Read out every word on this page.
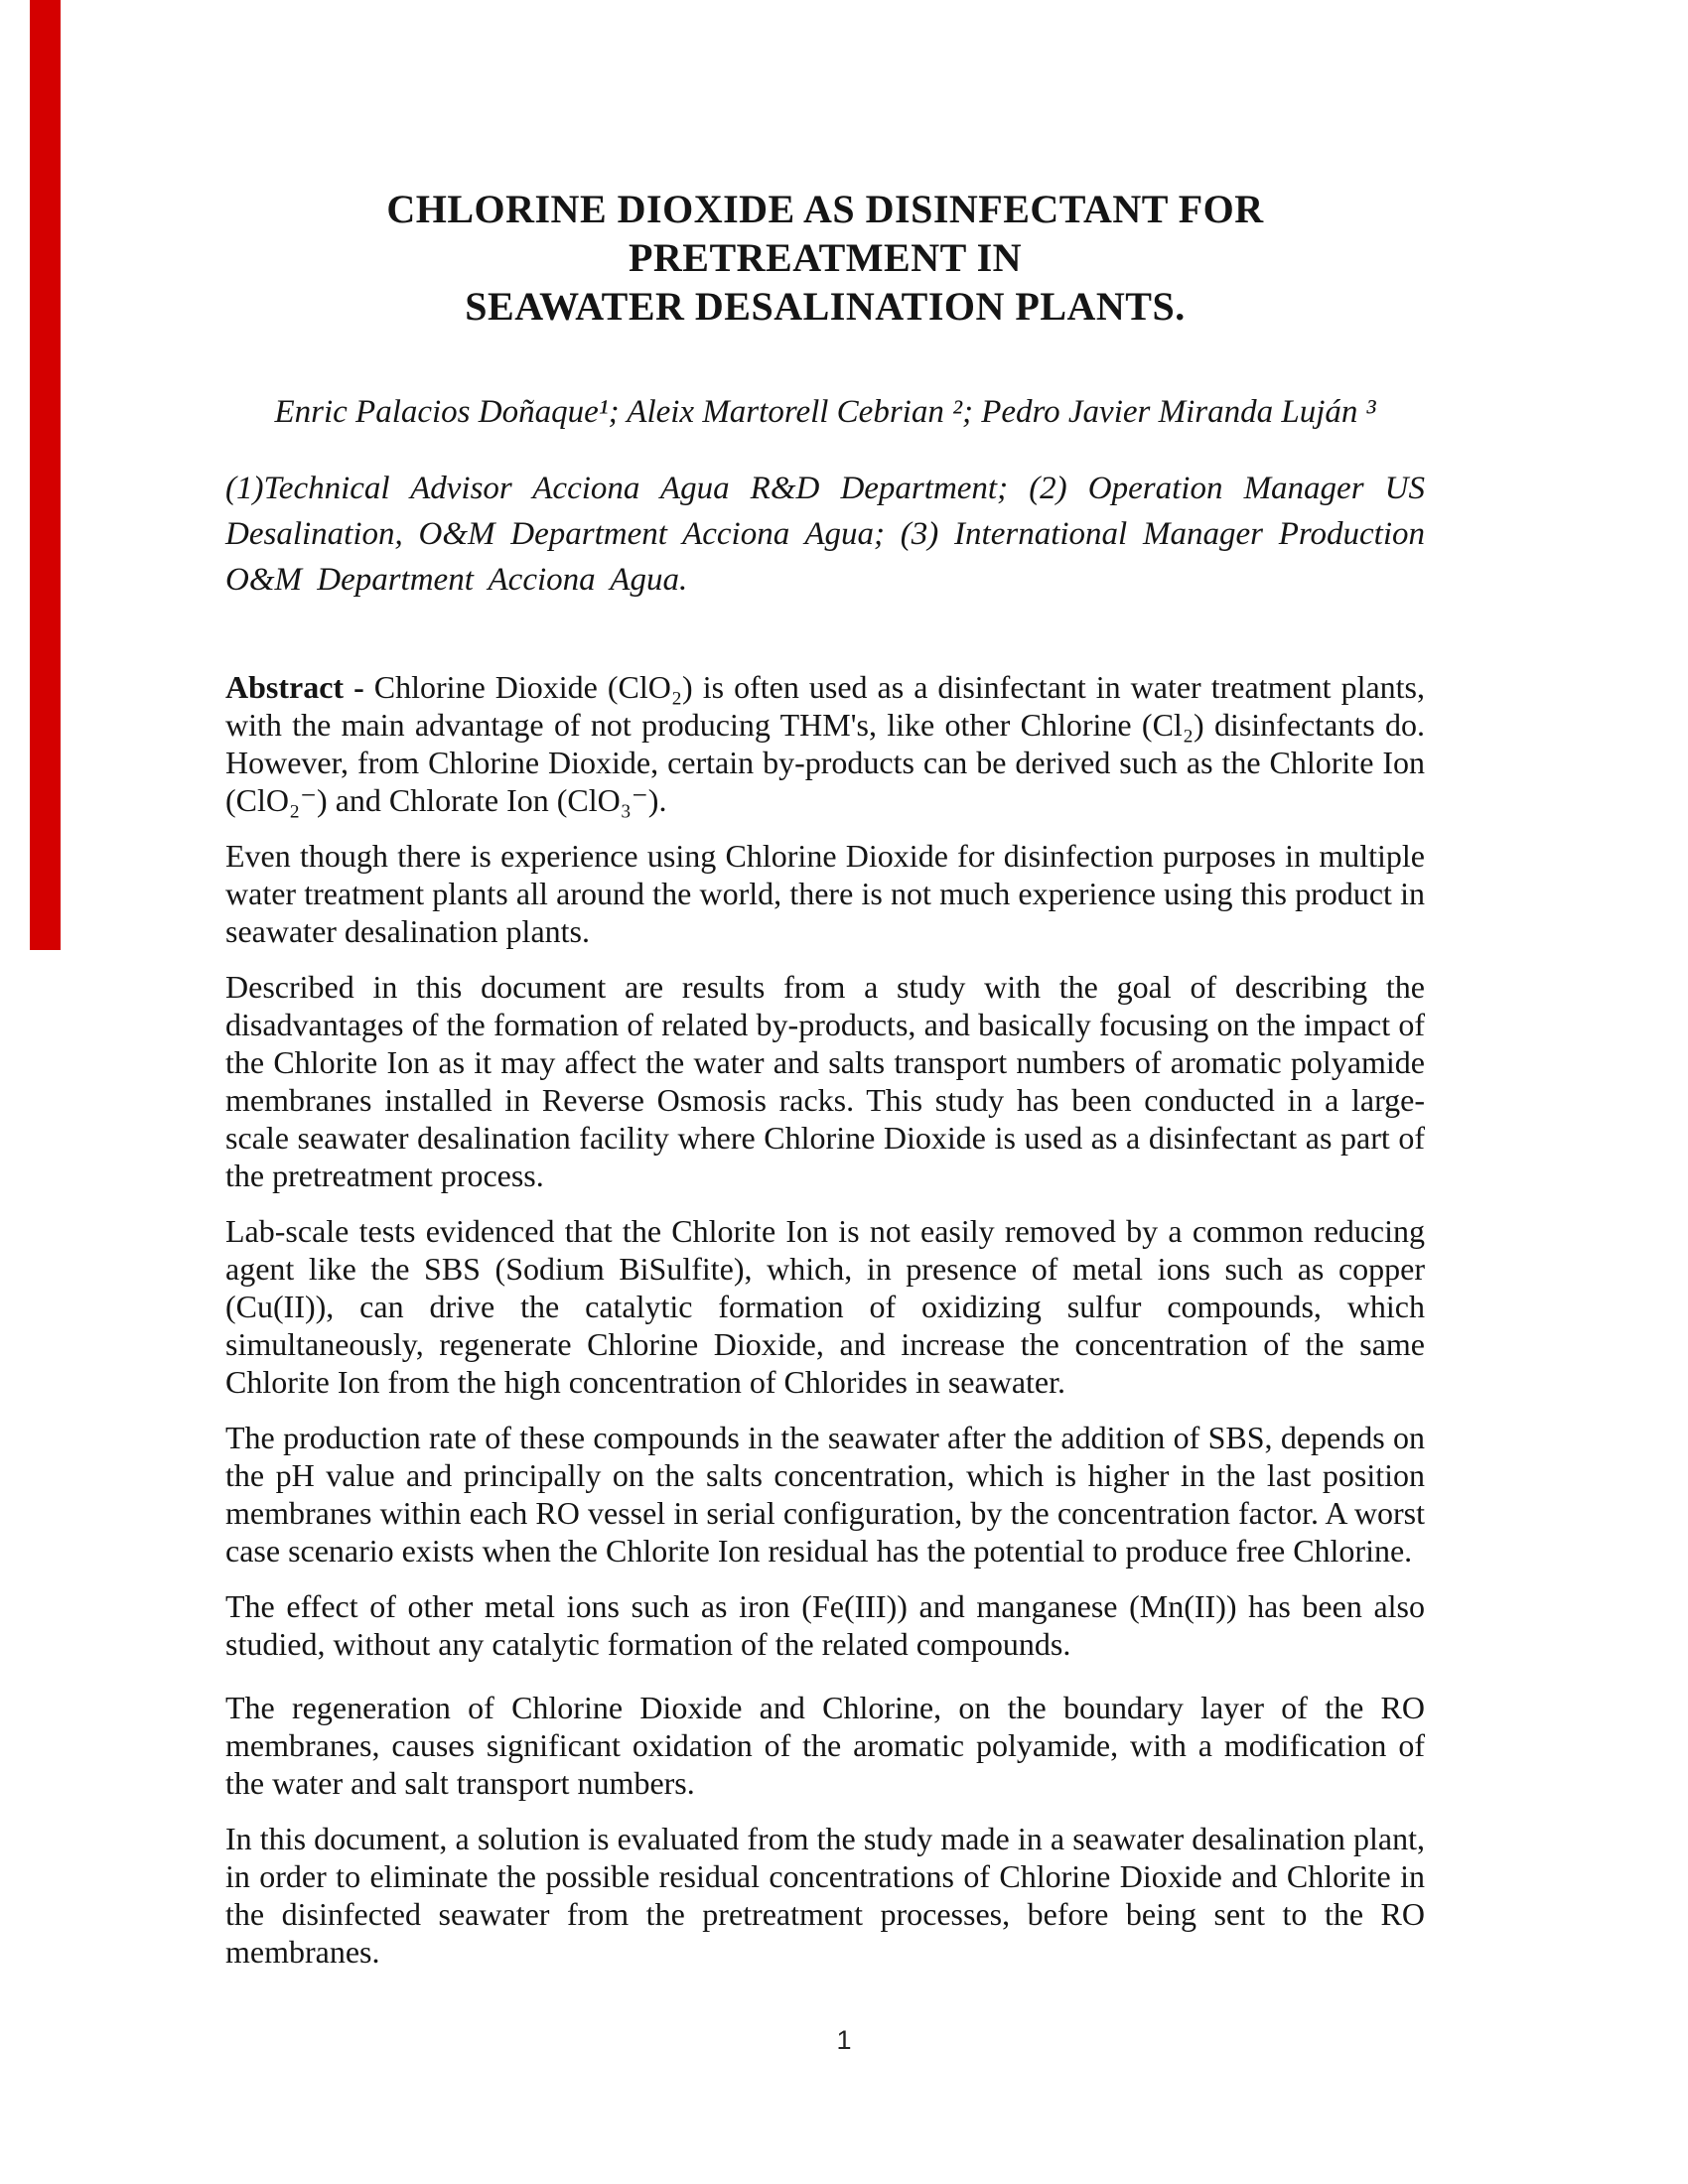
CHLORINE DIOXIDE AS DISINFECTANT FOR PRETREATMENT IN
SEAWATER DESALINATION PLANTS.

Enric Palacios Doñaque¹; Aleix Martorell Cebrian ²; Pedro Javier Miranda Luján ³

(1)Technical Advisor Acciona Agua R&D Department; (2) Operation Manager US Desalination, O&M Department Acciona Agua; (3) International Manager Production O&M Department Acciona Agua.

Abstract - Chlorine Dioxide (ClO₂) is often used as a disinfectant in water treatment plants, with the main advantage of not producing THM's, like other Chlorine (Cl₂) disinfectants do. However, from Chlorine Dioxide, certain by-products can be derived such as the Chlorite Ion (ClO₂⁻) and Chlorate Ion (ClO₃⁻).

Even though there is experience using Chlorine Dioxide for disinfection purposes in multiple water treatment plants all around the world, there is not much experience using this product in seawater desalination plants.

Described in this document are results from a study with the goal of describing the disadvantages of the formation of related by-products, and basically focusing on the impact of the Chlorite Ion as it may affect the water and salts transport numbers of aromatic polyamide membranes installed in Reverse Osmosis racks. This study has been conducted in a large-scale seawater desalination facility where Chlorine Dioxide is used as a disinfectant as part of the pretreatment process.

Lab-scale tests evidenced that the Chlorite Ion is not easily removed by a common reducing agent like the SBS (Sodium BiSulfite), which, in presence of metal ions such as copper (Cu(II)), can drive the catalytic formation of oxidizing sulfur compounds, which simultaneously, regenerate Chlorine Dioxide, and increase the concentration of the same Chlorite Ion from the high concentration of Chlorides in seawater.

The production rate of these compounds in the seawater after the addition of SBS, depends on the pH value and principally on the salts concentration, which is higher in the last position membranes within each RO vessel in serial configuration, by the concentration factor. A worst case scenario exists when the Chlorite Ion residual has the potential to produce free Chlorine.

The effect of other metal ions such as iron (Fe(III)) and manganese (Mn(II)) has been also studied, without any catalytic formation of the related compounds.

The regeneration of Chlorine Dioxide and Chlorine, on the boundary layer of the RO membranes, causes significant oxidation of the aromatic polyamide, with a modification of the water and salt transport numbers.

In this document, a solution is evaluated from the study made in a seawater desalination plant, in order to eliminate the possible residual concentrations of Chlorine Dioxide and Chlorite in the disinfected seawater from the pretreatment processes, before being sent to the RO membranes.

1
